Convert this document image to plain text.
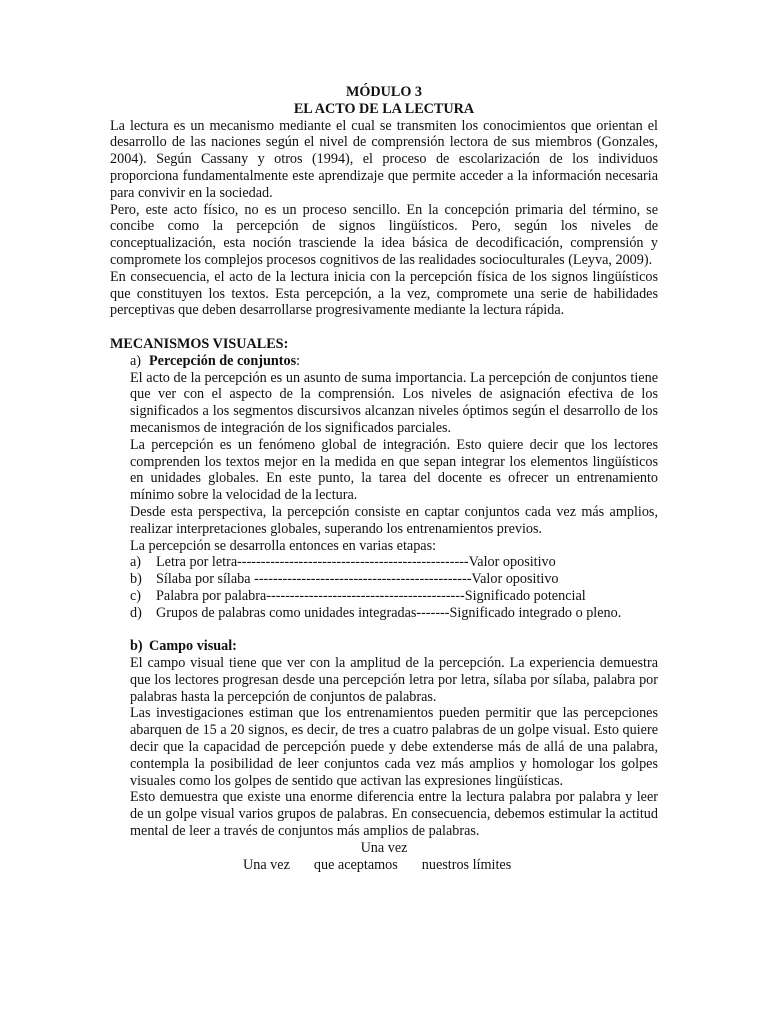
MÓDULO 3
EL ACTO DE LA LECTURA

La lectura es un mecanismo mediante el cual se transmiten los conocimientos que orientan el desarrollo de las naciones según el nivel de comprensión lectora de sus miembros (Gonzales, 2004). Según Cassany y otros (1994), el proceso de escolarización de los individuos proporciona fundamentalmente este aprendizaje que permite acceder a la información necesaria para convivir en la sociedad.

Pero, este acto físico, no es un proceso sencillo. En la concepción primaria del término, se concibe como la percepción de signos lingüísticos. Pero, según los niveles de conceptualización, esta noción trasciende la idea básica de decodificación, comprensión y compromete los complejos procesos cognitivos de las realidades socioculturales (Leyva, 2009).

En consecuencia, el acto de la lectura inicia con la percepción física de los signos lingüísticos que constituyen los textos. Esta percepción, a la vez, compromete una serie de habilidades perceptivas que deben desarrollarse progresivamente mediante la lectura rápida.

MECANISMOS VISUALES:
a) Percepción de conjuntos:

El acto de la percepción es un asunto de suma importancia. La percepción de conjuntos tiene que ver con el aspecto de la comprensión. Los niveles de asignación efectiva de los significados a los segmentos discursivos alcanzan niveles óptimos según el desarrollo de los mecanismos de integración de los significados parciales.

La percepción es un fenómeno global de integración. Esto quiere decir que los lectores comprenden los textos mejor en la medida en que sepan integrar los elementos lingüísticos en unidades globales. En este punto, la tarea del docente es ofrecer un entrenamiento mínimo sobre la velocidad de la lectura.

Desde esta perspectiva, la percepción consiste en captar conjuntos cada vez más amplios, realizar interpretaciones globales, superando los entrenamientos previos.

La percepción se desarrolla entonces en varias etapas:

a)	Letra por letra-------------------------------------------------Valor opositivo
b) Sílaba por sílaba ----------------------------------------------Valor opositivo
c)	Palabra por palabra------------------------------------------Significado potencial
d) Grupos de palabras como unidades integradas-------Significado integrado o pleno.
b) Campo visual:

El campo visual tiene que ver con la amplitud de la percepción. La experiencia demuestra que los lectores progresan desde una percepción letra por letra, sílaba por sílaba, palabra por palabras hasta la percepción de conjuntos de palabras.

Las investigaciones estiman que los entrenamientos pueden permitir que las percepciones abarquen de 15 a 20 signos, es decir, de tres a cuatro palabras de un golpe visual. Esto quiere decir que la capacidad de percepción puede y debe extenderse más de allá de una palabra, contempla la posibilidad de leer conjuntos cada vez más amplios y homologar los golpes visuales como los golpes de sentido que activan las expresiones lingüísticas.

Esto demuestra que existe una enorme diferencia entre la lectura palabra por palabra y leer de un golpe visual varios grupos de palabras. En consecuencia, debemos estimular la actitud mental de leer a través de conjuntos más amplios de palabras.

Una vez
Una vez que aceptamos nuestros límites
